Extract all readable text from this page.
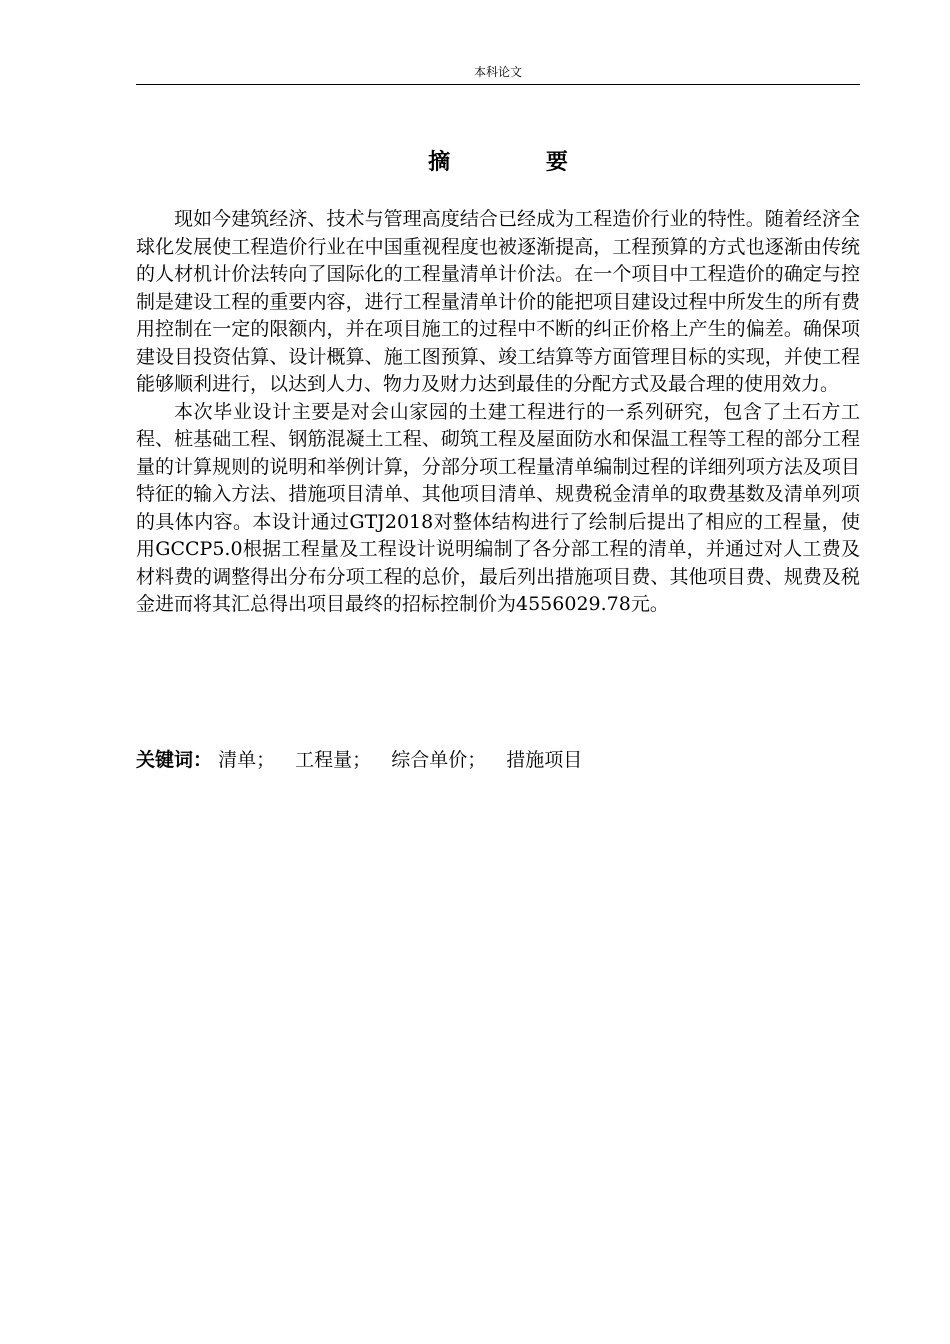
本科论文
摘 要

现如今建筑经济、技术与管理高度结合已经成为工程造价行业的特性。随着经济全球化发展使工程造价行业在中国重视程度也被逐渐提高，工程预算的方式也逐渐由传统的人材机计价法转向了国际化的工程量清单计价法。在一个项目中工程造价的确定与控制是建设工程的重要内容，进行工程量清单计价的能把项目建设过程中所发生的所有费用控制在一定的限额内，并在项目施工的过程中不断的纠正价格上产生的偏差。确保项建设目投资估算、设计概算、施工图预算、竣工结算等方面管理目标的实现，并使工程能够顺利进行，以达到人力、物力及财力达到最佳的分配方式及最合理的使用效力。

本次毕业设计主要是对会山家园的土建工程进行的一系列研究，包含了土石方工程、桩基础工程、钢筋混凝土工程、砌筑工程及屋面防水和保温工程等工程的部分工程量的计算规则的说明和举例计算，分部分项工程量清单编制过程的详细列项方法及项目特征的输入方法、措施项目清单、其他项目清单、规费税金清单的取费基数及清单列项的具体内容。本设计通过GTJ2018对整体结构进行了绘制后提出了相应的工程量，使用GCCP5.0根据工程量及工程设计说明编制了各分部工程的清单，并通过对人工费及材料费的调整得出分布分项工程的总价，最后列出措施项目费、其他项目费、规费及税金进而将其汇总得出项目最终的招标控制价为4556029.78元。

关键词： 清单； 工程量； 综合单价； 措施项目
